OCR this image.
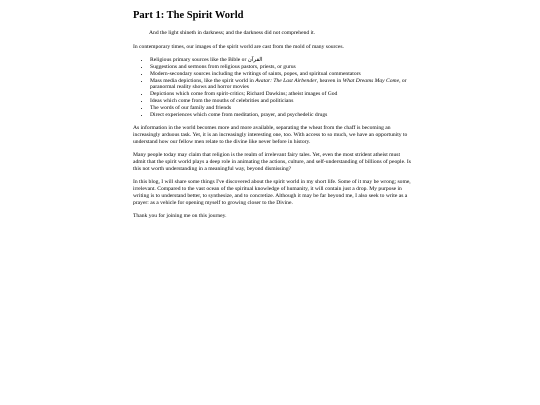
Part 1: The Spirit World

And the light shineth in darkness; and the darkness did not comprehend it.

In contemporary times, our images of the spirit world are cast from the mold of many sources.

• Religious primary sources like the Bible or القرآن
• Suggestions and sermons from religious pastors, priests, or gurus
• Modern-secondary sources including the writings of saints, popes, and spiritual commentators
• Mass media depictions, like the spirit world in Avatar: The Last Airbender, heaven in What Dreams May Come, or paranormal reality shows and horror movies
• Depictions which come from spirit-critics; Richard Dawkins; atheist images of God
• Ideas which come from the mouths of celebrities and politicians
• The words of our family and friends
• Direct experiences which come from meditation, prayer, and psychedelic drugs

As information in the world becomes more and more available, separating the wheat from the chaff is becoming an increasingly arduous task. Yet, it is an increasingly interesting one, too. With access to so much, we have an opportunity to understand how our fellow men relate to the divine like never before in history.

Many people today may claim that religion is the realm of irrelevant fairy tales. Yet, even the most strident atheist must admit that the spirit world plays a deep role in animating the actions, culture, and self-understanding of billions of people. Is this not worth understanding in a meaningful way, beyond dismissing?

In this blog, I will share some things I've discovered about the spirit world in my short life. Some of it may be wrong; some, irrelevant. Compared to the vast ocean of the spiritual knowledge of humanity, it will contain just a drop. My purpose in writing is to understand better, to synthesize, and to concretize. Although it may be far beyond me, I also seek to write as a prayer: as a vehicle for opening myself to growing closer to the Divine.

Thank you for joining me on this journey.
